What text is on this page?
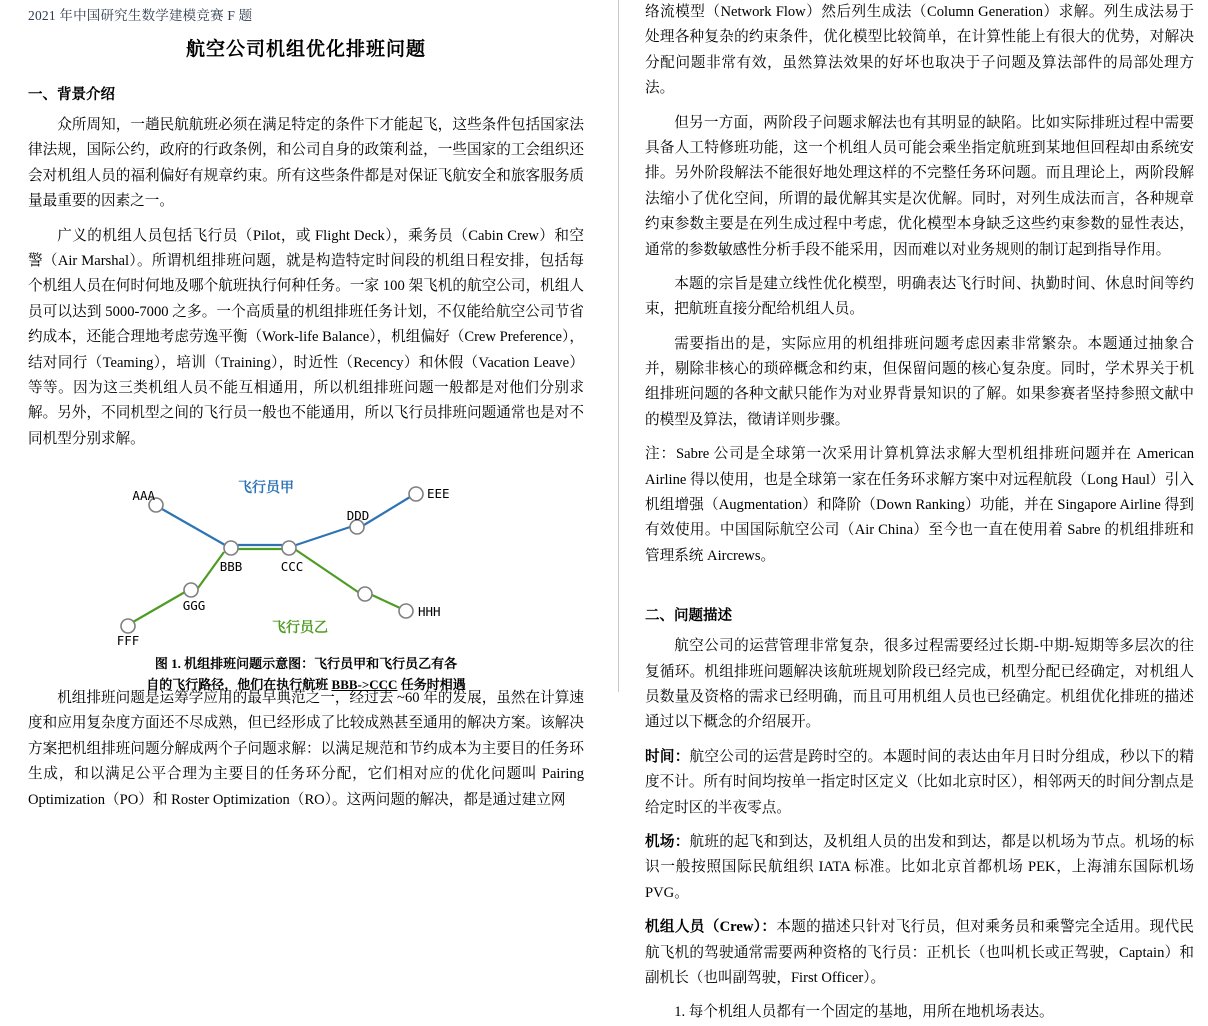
2021 年中国研究生数学建模竞赛 F 题
航空公司机组优化排班问题
一、背景介绍

众所周知，一趟民航航班必须在满足特定的条件下才能起飞，这些条件包括国家法律法规，国际公约，政府的行政条例，和公司自身的政策利益，一些国家的工会组织还会对机组人员的福利偏好有规章约束。所有这些条件都是对保证飞航安全和旅客服务质量最重要的因素之一。

广义的机组人员包括飞行员（Pilot，或 Flight Deck），乘务员（Cabin Crew）和空警（Air Marshal）。所谓机组排班问题，就是构造特定时间段的机组日程安排，包括每个机组人员在何时何地及哪个航班执行何种任务。一家 100 架飞机的航空公司，机组人员可以达到 5000-7000 之多。一个高质量的机组排班任务计划，不仅能给航空公司节省约成本，还能合理地考虑劳逸平衡（Work-life Balance），机组偏好（Crew Preference），结对同行（Teaming），培训（Training），时近性（Recency）和休假（Vacation Leave）等等。因为这三类机组人员不能互相通用，所以机组排班问题一般都是对他们分别求解。另外，不同机型之间的飞行员一般也不能通用，所以飞行员排班问题通常也是对不同机型分别求解。

AAA
BBB	CCC
DDD
EEE
FFF
GGG	HHH
飞行员甲
飞行员乙
图 1. 机组排班问题示意图：飞行员甲和飞行员乙有各
自的飞行路径，他们在执行航班 BBB->CCC 任务时相遇

机组排班问题是运筹学应用的最早典范之一，经过去 ~60 年的发展，虽然在计算速度和应用复杂度方面还不尽成熟，但已经形成了比较成熟甚至通用的解决方案。该解决方案把机组排班问题分解成两个子问题求解：以满足规范和节约成本为主要目的任务环生成，和以满足公平合理为主要目的任务环分配，它们相对应的优化问题叫 Pairing Optimization（PO）和 Roster Optimization（RO）。这两问题的解决，都是通过建立网

络流模型（Network Flow）然后列生成法（Column Generation）求解。列生成法易于处理各种复杂的约束条件，优化模型比较简单，在计算性能上有很大的优势，对解决分配问题非常有效，虽然算法效果的好坏也取决于子问题及算法部件的局部处理方法。

但另一方面，两阶段子问题求解法也有其明显的缺陷。比如实际排班过程中需要具备人工特修班功能，这一个机组人员可能会乘坐指定航班到某地但回程却由系统安排。另外阶段解法不能很好地处理这样的不完整任务环问题。而且理论上，两阶段解法缩小了优化空间，所谓的最优解其实是次优解。同时，对列生成法而言，各种规章约束参数主要是在列生成过程中考虑，优化模型本身缺乏这些约束参数的显性表达，通常的参数敏感性分析手段不能采用，因而难以对业务规则的制订起到指导作用。

本题的宗旨是建立线性优化模型，明确表达飞行时间、执勤时间、休息时间等约束，把航班直接分配给机组人员。

需要指出的是，实际应用的机组排班问题考虑因素非常繁杂。本题通过抽象合并，剔除非核心的琐碎概念和约束，但保留问题的核心复杂度。同时，学术界关于机组排班问题的各种文献只能作为对业界背景知识的了解。如果参赛者坚持参照文献中的模型及算法，徵请详则步骤。

注：Sabre 公司是全球第一次采用计算机算法求解大型机组排班问题并在 American Airline 得以使用，也是全球第一家在任务环求解方案中对远程航段（Long Haul）引入机组增强（Augmentation）和降阶（Down Ranking）功能，并在 Singapore Airline 得到有效使用。中国国际航空公司（Air China）至今也一直在使用着 Sabre 的机组排班和管理系统 Aircrews。

二、问题描述

航空公司的运营管理非常复杂，很多过程需要经过长期-中期-短期等多层次的往复循环。机组排班问题解决该航班规划阶段已经完成，机型分配已经确定，对机组人员数量及资格的需求已经明确，而且可用机组人员也已经确定。机组优化排班的描述通过以下概念的介绍展开。

时间：航空公司的运营是跨时空的。本题时间的表达由年月日时分组成，秒以下的精度不计。所有时间均按单一指定时区定义（比如北京时区），相邻两天的时间分割点是给定时区的半夜零点。

机场：航班的起飞和到达，及机组人员的出发和到达，都是以机场为节点。机场的标识一般按照国际民航组织 IATA 标准。比如北京首都机场 PEK，上海浦东国际机场 PVG。

机组人员（Crew）：本题的描述只针对飞行员，但对乘务员和乘警完全适用。现代民航飞机的驾驶通常需要两种资格的飞行员：正机长（也叫机长或正驾驶，Captain）和副机长（也叫副驾驶，First Officer）。

1. 每个机组人员都有一个固定的基地，用所在地机场表达。
